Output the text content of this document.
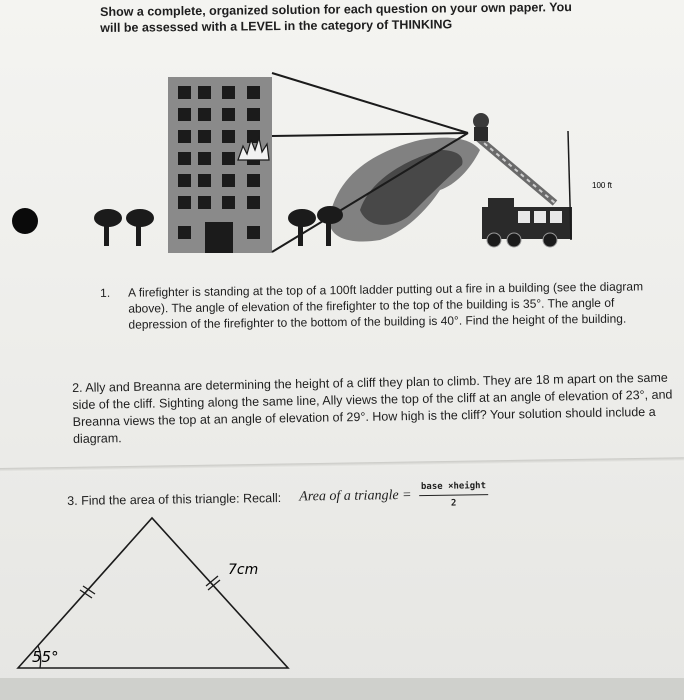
Show a complete, organized solution for each question on your own paper. You
will be assessed with a LEVEL in the category of THINKING
100 ft
7cm
55°
1.	A firefighter is standing at the top of a 100ft ladder putting out a fire in a building (see the diagram above). The angle of elevation of the firefighter to the top of the building is 35°. The angle of depression of the firefighter to the bottom of the building is 40°. Find the height of the building.
2. Ally and Breanna are determining the height of a cliff they plan to climb. They are 18 m apart on the same side of the cliff. Sighting along the same line, Ally views the top of the cliff at an angle of elevation of 23°, and Breanna views the top at an angle of elevation of 29°. How high is the cliff? Your solution should include a diagram.
3. Find the area of this triangle: Recall: Area of a triangle = $\frac{\text{base ×height}}{2}$
